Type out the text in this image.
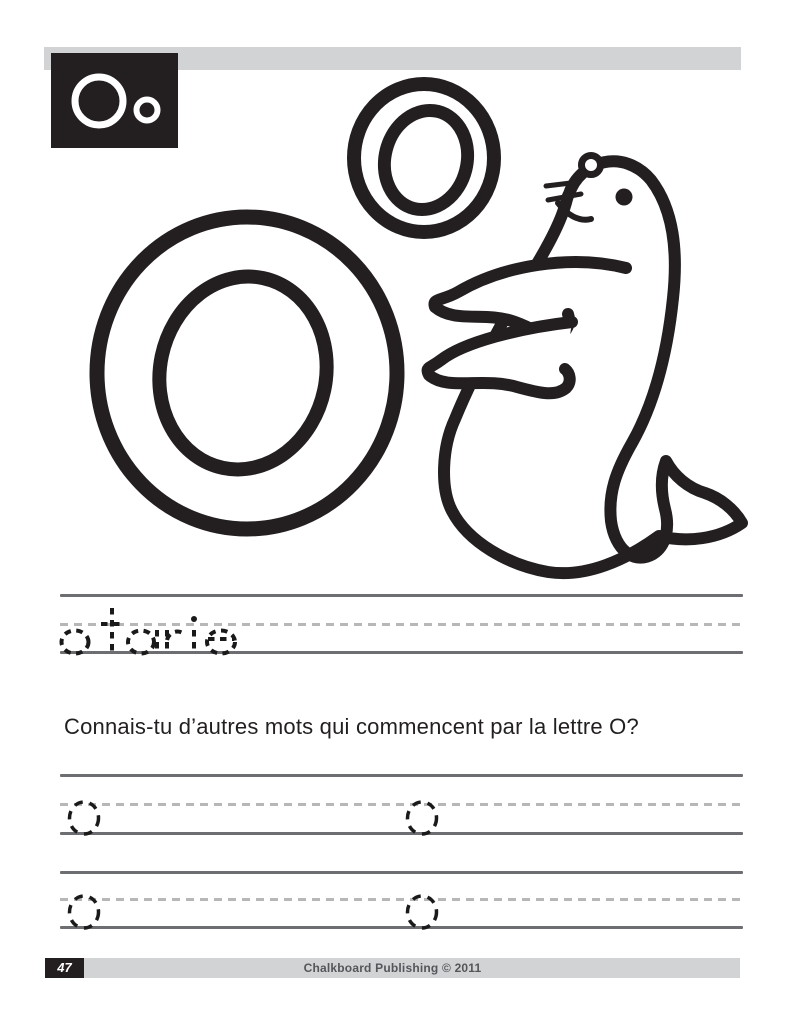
Connais-tu d’autres mots qui commencent par la lettre O?
Chalkboard Publishing © 2011
47
